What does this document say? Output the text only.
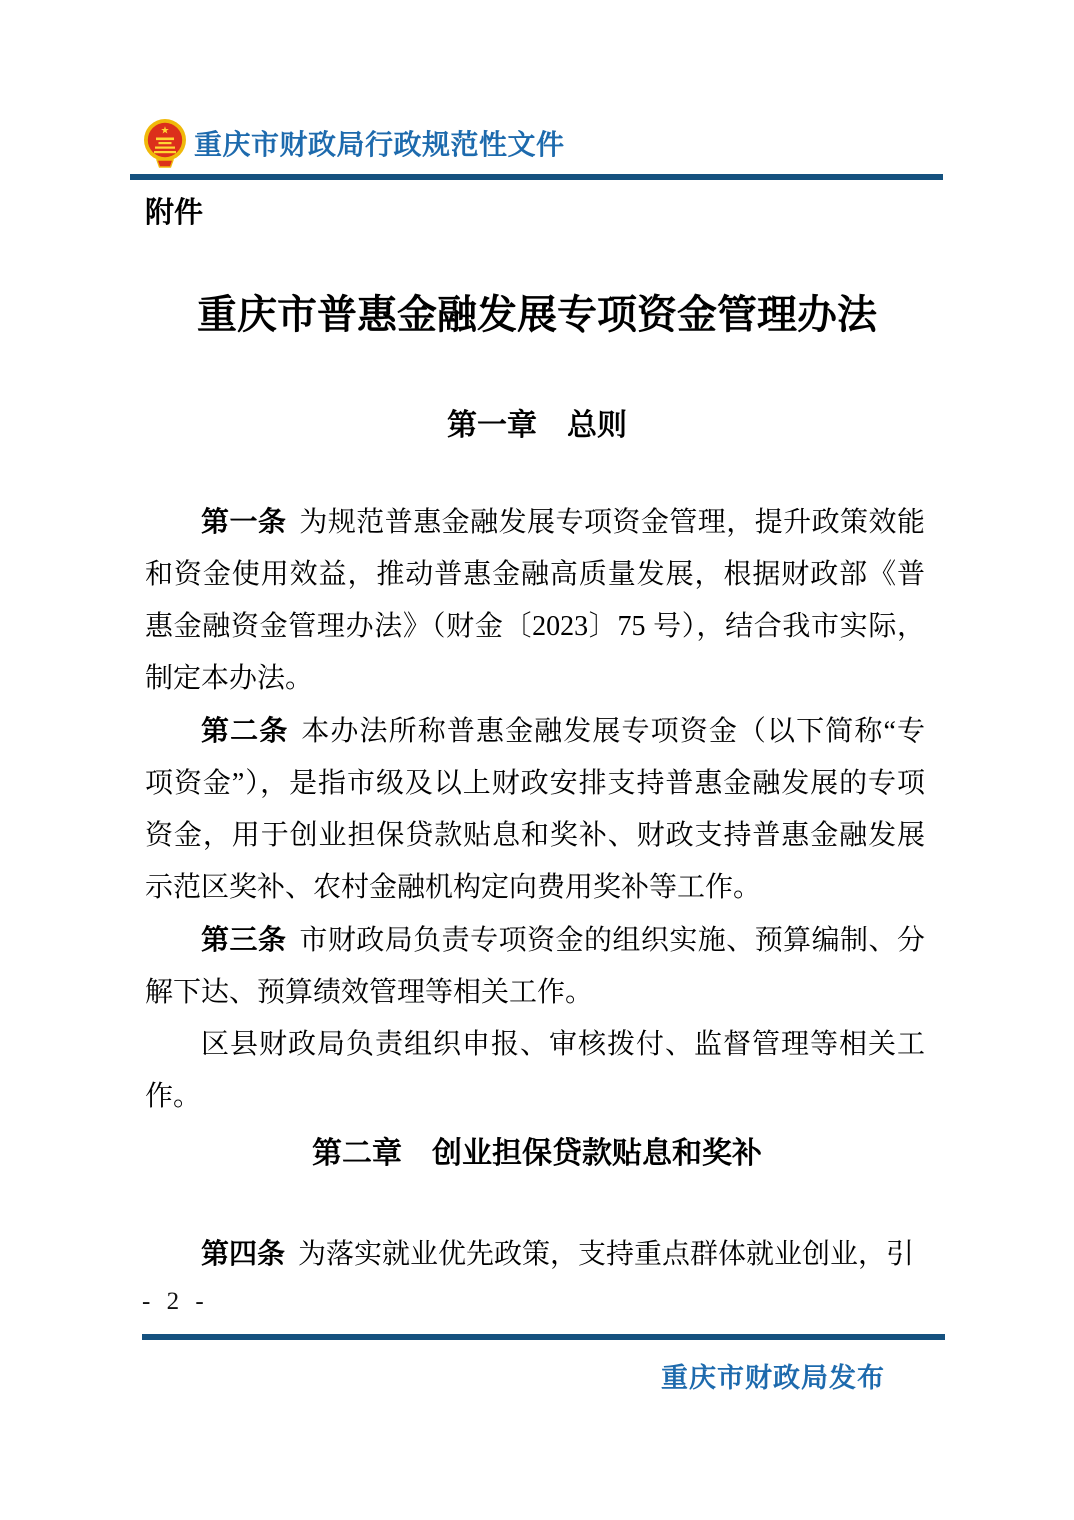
★ 重庆市财政局行政规范性文件
附件
重庆市普惠金融发展专项资金管理办法
第一章　总则

第一条 为规范普惠金融发展专项资金管理，提升政策效能和资金使用效益，推动普惠金融高质量发展，根据财政部《普惠金融资金管理办法》（财金〔2023〕75 号），结合我市实际，制定本办法。

第二条 本办法所称普惠金融发展专项资金（以下简称“专项资金”），是指市级及以上财政安排支持普惠金融发展的专项资金，用于创业担保贷款贴息和奖补、财政支持普惠金融发展示范区奖补、农村金融机构定向费用奖补等工作。

第三条 市财政局负责专项资金的组织实施、预算编制、分解下达、预算绩效管理等相关工作。

区县财政局负责组织申报、审核拨付、监督管理等相关工作。

第二章　创业担保贷款贴息和奖补

第四条 为落实就业优先政策，支持重点群体就业创业，引

- 2 -
重庆市财政局发布
